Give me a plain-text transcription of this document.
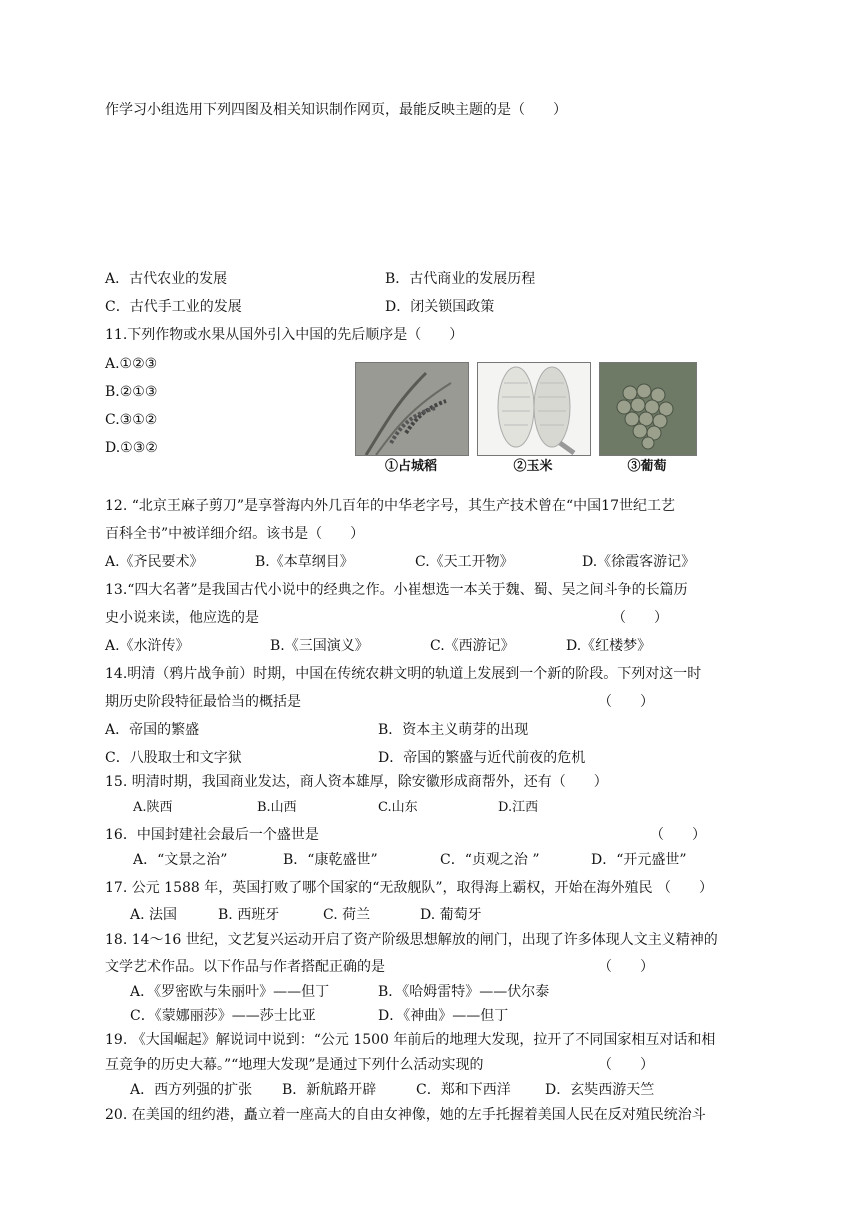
作学习小组选用下列四图及相关知识制作网页，最能反映主题的是（　　）
A．古代农业的发展	B．古代商业的发展历程
C．古代手工业的发展	D．闭关锁国政策
11.下列作物或水果从国外引入中国的先后顺序是（　　）
A.①②③
B.②①③
C.③①②
D.①③②
①占城稻	②玉米	③葡萄
12. “北京王麻子剪刀”是享誉海内外几百年的中华老字号，其生产技术曾在“中国17世纪工艺
百科全书”中被详细介绍。该书是（　　）
A.《齐民要术》	B.《本草纲目》	C.《天工开物》	D.《徐霞客游记》
13.“四大名著”是我国古代小说中的经典之作。小崔想选一本关于魏、蜀、吴之间斗争的长篇历
史小说来读，他应选的是	（　　）
A.《水浒传》	B.《三国演义》	C.《西游记》	D.《红楼梦》
14.明清（鸦片战争前）时期，中国在传统农耕文明的轨道上发展到一个新的阶段。下列对这一时
期历史阶段特征最恰当的概括是	（　　）
A．帝国的繁盛	B．资本主义萌芽的出现
C．八股取士和文字狱	D．帝国的繁盛与近代前夜的危机
15. 明清时期，我国商业发达，商人资本雄厚，除安徽形成商帮外，还有（　　）
A.陕西	B.山西	C.山东	D.江西
16．中国封建社会最后一个盛世是	（　　）
A．“文景之治”	B．“康乾盛世”	C．“贞观之治 ”	D．“开元盛世”
17. 公元 1588 年，英国打败了哪个国家的“无敌舰队”，取得海上霸权，开始在海外殖民 （　　）
A. 法国	B. 西班牙	C. 荷兰	D. 葡萄牙
18. 14～16 世纪，文艺复兴运动开启了资产阶级思想解放的闸门，出现了许多体现人文主义精神的
文学艺术作品。以下作品与作者搭配正确的是	（　　）
A．《罗密欧与朱丽叶》——但丁	B．《哈姆雷特》——伏尔泰
C．《蒙娜丽莎》——莎士比亚	D．《神曲》——但丁
19. 《大国崛起》解说词中说到：“公元 1500 年前后的地理大发现，拉开了不同国家相互对话和相
互竞争的历史大幕。”“地理大发现”是通过下列什么活动实现的	（　　）
A．西方列强的扩张 B．新航路开辟	C．郑和下西洋 D．玄奘西游天竺
20. 在美国的纽约港，矗立着一座高大的自由女神像，她的左手托握着美国人民在反对殖民统治斗
